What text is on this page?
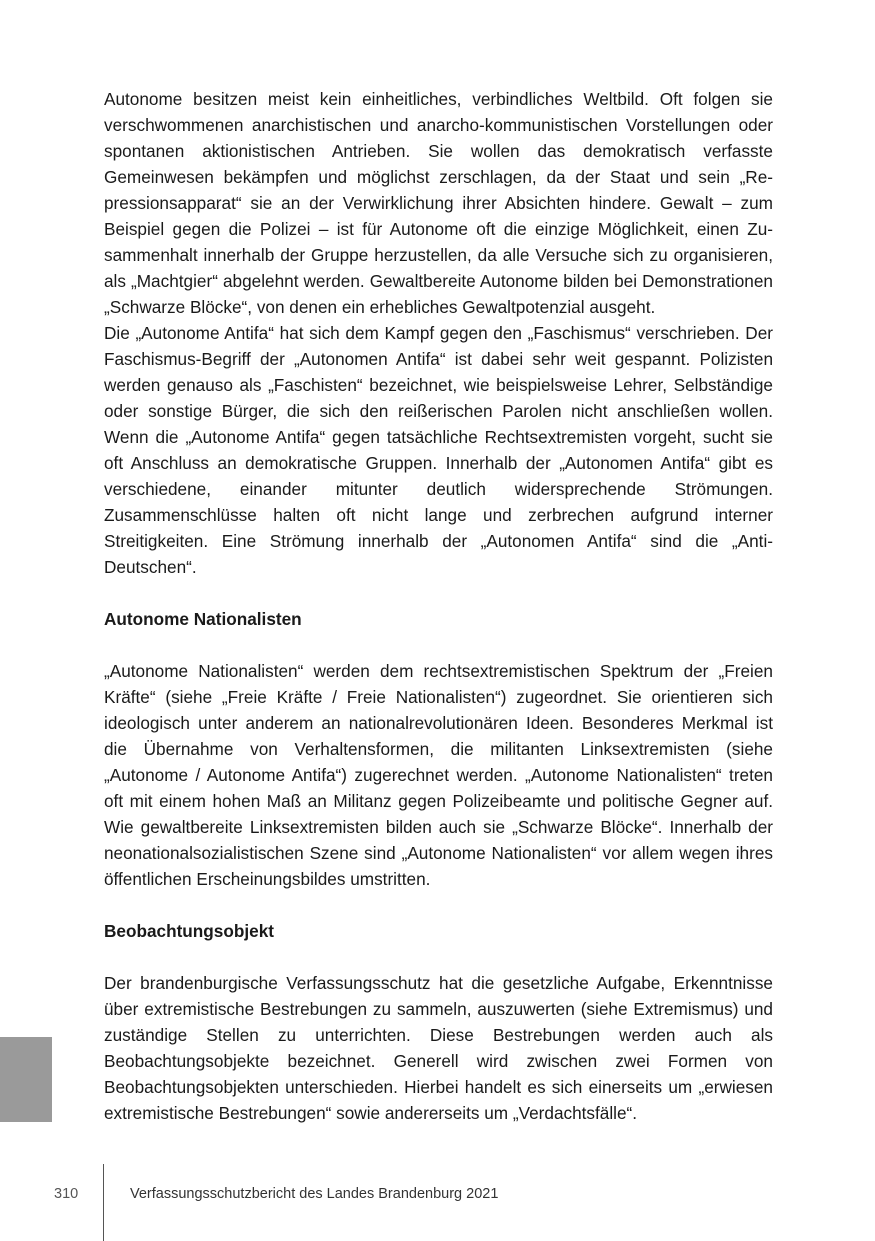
Autonome besitzen meist kein einheitliches, verbindliches Weltbild. Oft folgen sie verschwommenen anarchistischen und anarcho-kommunistischen Vorstellungen oder spontanen aktionistischen Antrieben. Sie wollen das demokratisch verfasste Gemeinwesen bekämpfen und möglichst zerschlagen, da der Staat und sein „Repressionsapparat“ sie an der Verwirklichung ihrer Absichten hindere. Gewalt – zum Beispiel gegen die Polizei – ist für Autonome oft die einzige Möglichkeit, einen Zusammenhalt innerhalb der Gruppe herzustellen, da alle Versuche sich zu organisieren, als „Machtgier“ abgelehnt werden. Gewaltbereite Autonome bilden bei Demonstrationen „Schwarze Blöcke“, von denen ein erhebliches Gewaltpotenzial ausgeht.

Die „Autonome Antifa“ hat sich dem Kampf gegen den „Faschismus“ verschrieben. Der Faschismus-Begriff der „Autonomen Antifa“ ist dabei sehr weit gespannt. Polizisten werden genauso als „Faschisten“ bezeichnet, wie beispielsweise Lehrer, Selbständige oder sonstige Bürger, die sich den reißerischen Parolen nicht anschließen wollen. Wenn die „Autonome Antifa“ gegen tatsächliche Rechtsextremisten vorgeht, sucht sie oft Anschluss an demokratische Gruppen. Innerhalb der „Autonomen Antifa“ gibt es verschiedene, einander mitunter deutlich widersprechende Strömungen. Zusammenschlüsse halten oft nicht lange und zerbrechen aufgrund interner Streitigkeiten. Eine Strömung innerhalb der „Autonomen Antifa“ sind die „Anti-Deutschen“.

Autonome Nationalisten

„Autonome Nationalisten“ werden dem rechtsextremistischen Spektrum der „Freien Kräfte“ (siehe „Freie Kräfte / Freie Nationalisten“) zugeordnet. Sie orientieren sich ideologisch unter anderem an nationalrevolutionären Ideen. Besonderes Merkmal ist die Übernahme von Verhaltensformen, die militanten Linksextremisten (siehe „Autonome / Autonome Antifa“) zugerechnet werden. „Autonome Nationalisten“ treten oft mit einem hohen Maß an Militanz gegen Polizeibeamte und politische Gegner auf. Wie gewaltbereite Linksextremisten bilden auch sie „Schwarze Blöcke“. Innerhalb der neonationalsozialistischen Szene sind „Autonome Nationalisten“ vor allem wegen ihres öffentlichen Erscheinungsbildes umstritten.

Beobachtungsobjekt

Der brandenburgische Verfassungsschutz hat die gesetzliche Aufgabe, Erkenntnisse über extremistische Bestrebungen zu sammeln, auszuwerten (siehe Extremismus) und zuständige Stellen zu unterrichten. Diese Bestrebungen werden auch als Beobachtungsobjekte bezeichnet. Generell wird zwischen zwei Formen von Beobachtungsobjekten unterschieden. Hierbei handelt es sich einerseits um „erwiesen extremistische Bestrebungen“ sowie andererseits um „Verdachtsfälle“.

310	Verfassungsschutzbericht des Landes Brandenburg 2021
